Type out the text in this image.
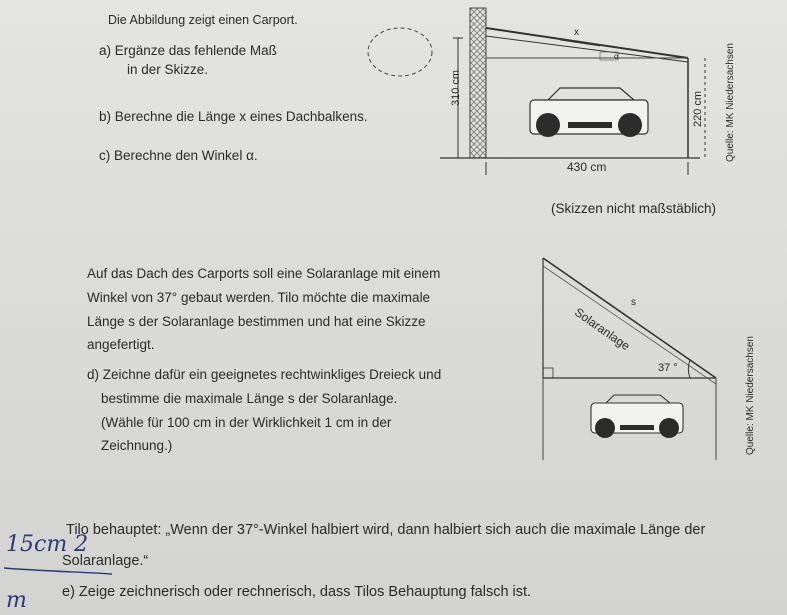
Die Abbildung zeigt einen Carport.
a) Ergänze das fehlende Maß
in der Skizze.
b) Berechne die Länge x eines Dachbalkens.
c) Berechne den Winkel α.
x
α
310 cm
220 cm
430 cm
Quelle: MK Niedersachsen
(Skizzen nicht maßstäblich)
Auf das Dach des Carports soll eine Solaranlage mit einem
Winkel von 37° gebaut werden. Tilo möchte die maximale
Länge s der Solaranlage bestimmen und hat eine Skizze
angefertigt.
d) Zeichne dafür ein geeignetes rechtwinkliges Dreieck und
bestimme die maximale Länge s der Solaranlage.
(Wähle für 100 cm in der Wirklichkeit 1 cm in der
Zeichnung.)
s
Solaranlage
37 °	Quelle: MK Niedersachsen
Tilo behauptet: „Wenn der 37°-Winkel halbiert wird, dann halbiert sich auch die maximale Länge der
Solaranlage.“
e) Zeige zeichnerisch oder rechnerisch, dass Tilos Behauptung falsch ist.
15cm 2
m
